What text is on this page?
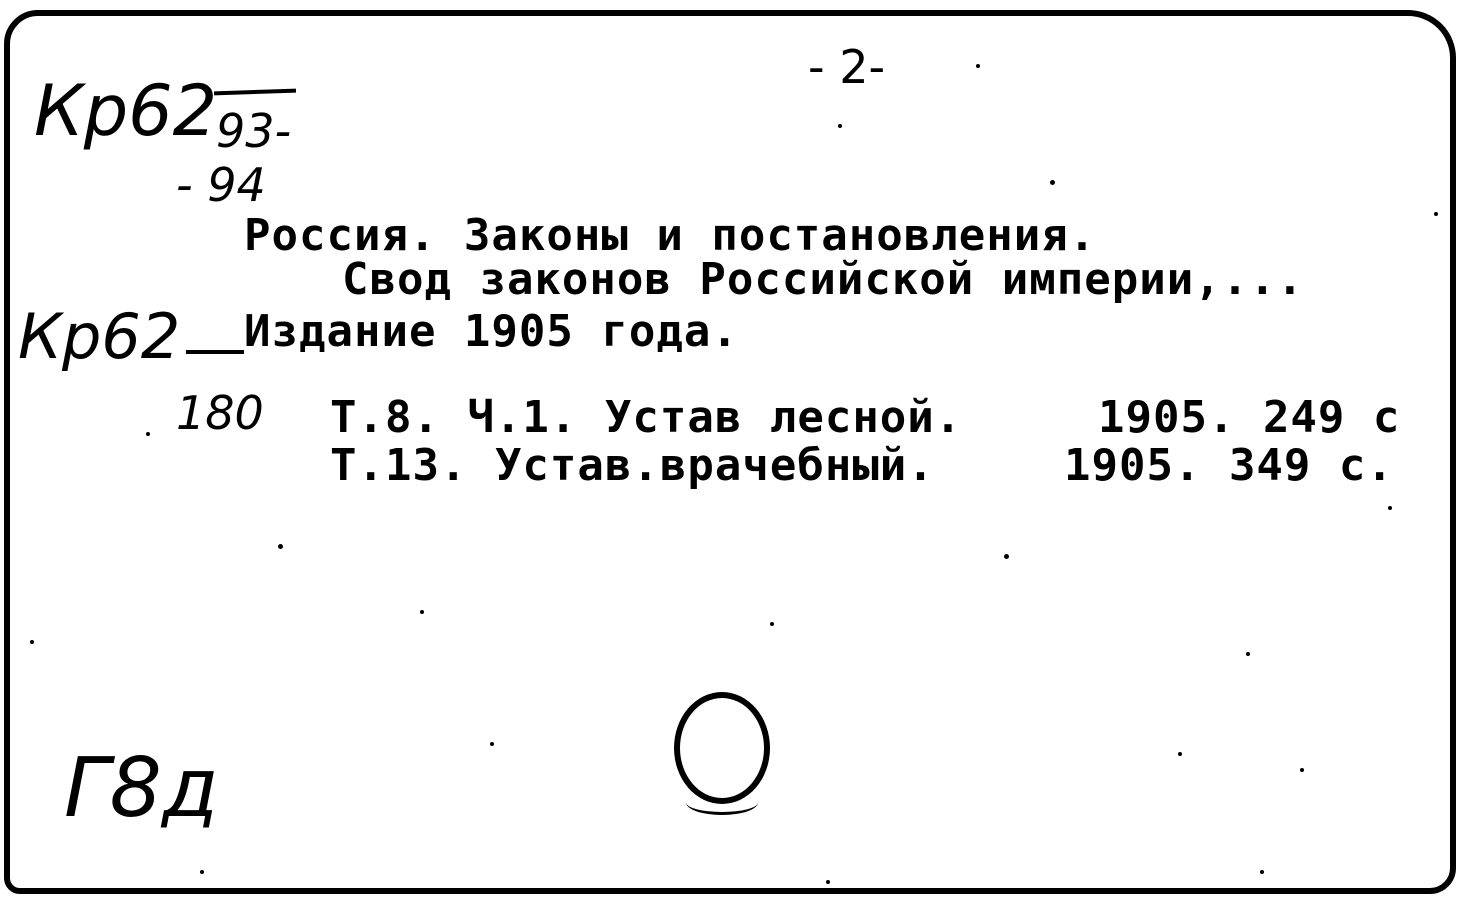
- 2-
Кр62
93-
- 94
Кр62
180
Россия. Законы и постановления.
Свод законов Российской империи,...
Издание 1905 года.
Т.8. Ч.1. Устав лесной.	1905. 249 с
Т.13. Устав.врачебный.	1905. 349 с.
Г8д
